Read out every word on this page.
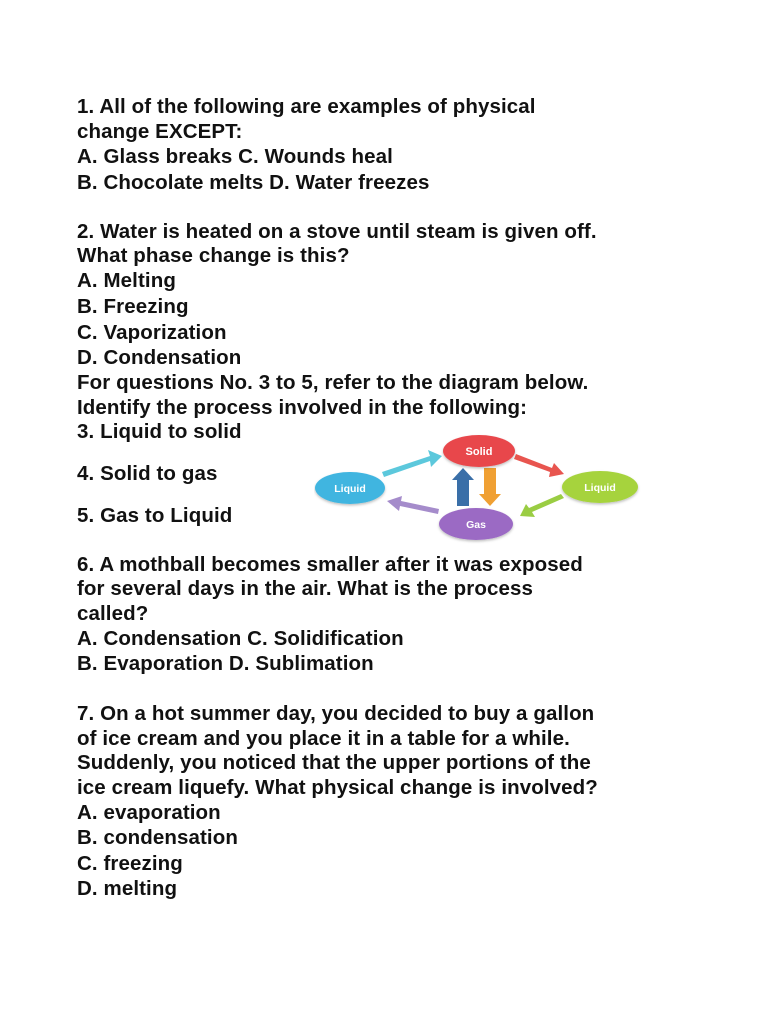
1. All of the following are examples of physical
change EXCEPT:
A. Glass breaks C. Wounds heal
B. Chocolate melts D. Water freezes
2. Water is heated on a stove until steam is given off.
What phase change is this?
A. Melting
B. Freezing
C. Vaporization
D. Condensation
For questions No. 3 to 5, refer to the diagram below.
Identify the process involved in the following:
3. Liquid to solid
4. Solid to gas
5. Gas to Liquid
Solid
Liquid	Liquid
Gas
6. A mothball becomes smaller after it was exposed
for several days in the air. What is the process
called?
A. Condensation C. Solidification
B. Evaporation D. Sublimation
7. On a hot summer day, you decided to buy a gallon
of ice cream and you place it in a table for a while.
Suddenly, you noticed that the upper portions of the
ice cream liquefy. What physical change is involved?
A. evaporation
B. condensation
C. freezing
D. melting
